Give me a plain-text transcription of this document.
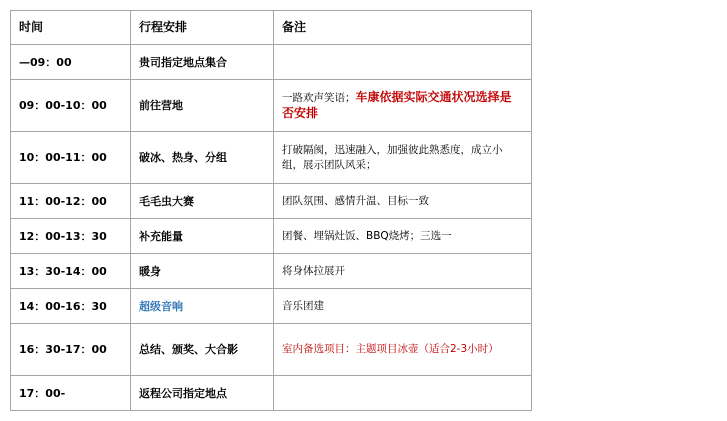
时间	行程安排	备注
—09：00	贵司指定地点集合	
09：00-10：00	前往营地	一路欢声笑语；车康依据实际交通状况选择是否安排
10：00-11：00	破冰、热身、分组	打破隔阂，迅速融入，加强彼此熟悉度，成立小组，展示团队风采；
11：00-12：00	毛毛虫大赛	团队氛围、感情升温、目标一致
12：00-13：30	补充能量	团餐、埋锅灶饭、BBQ烧烤；三选一
13：30-14：00	暖身	将身体拉展开
14：00-16：30	超级音响	音乐团建
16：30-17：00	总结、颁奖、大合影	室内备选项目：主题项目冰壶（适合2-3小时）
17：00-	返程公司指定地点	
